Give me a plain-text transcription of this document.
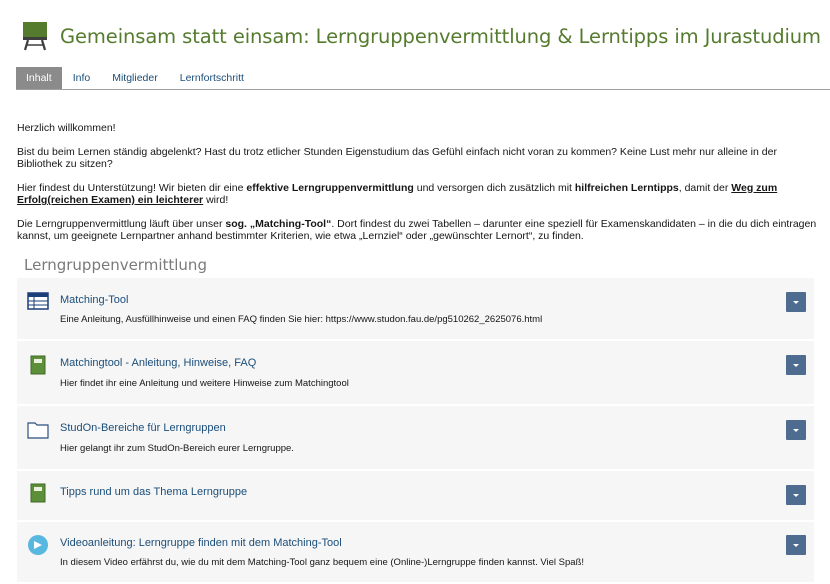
Gemeinsam statt einsam: Lerngruppenvermittlung & Lerntipps im Jurastudium
Inhalt	Info	Mitglieder	Lernfortschritt

Herzlich willkommen!

Bist du beim Lernen ständig abgelenkt? Hast du trotz etlicher Stunden Eigenstudium das Gefühl einfach nicht voran zu kommen? Keine Lust mehr nur alleine in der Bibliothek zu sitzen?

Hier findest du Unterstützung! Wir bieten dir eine effektive Lerngruppenvermittlung und versorgen dich zusätzlich mit hilfreichen Lerntipps, damit der Weg zum Erfolg(reichen Examen) ein leichterer wird!

Die Lerngruppenvermittlung läuft über unser sog. „Matching-Tool“. Dort findest du zwei Tabellen – darunter eine speziell für Examenskandidaten – in die du dich eintragen kannst, um geeignete Lernpartner anhand bestimmter Kriterien, wie etwa „Lernziel“ oder „gewünschter Lernort“, zu finden.

Lerngruppenvermittlung
Matching-Tool
Eine Anleitung, Ausfüllhinweise und einen FAQ finden Sie hier: https://www.studon.fau.de/pg510262_2625076.html
Matchingtool - Anleitung, Hinweise, FAQ
Hier findet ihr eine Anleitung und weitere Hinweise zum Matchingtool
StudOn-Bereiche für Lerngruppen
Hier gelangt ihr zum StudOn-Bereich eurer Lerngruppe.
Tipps rund um das Thema Lerngruppe
Videoanleitung: Lerngruppe finden mit dem Matching-Tool
In diesem Video erfährst du, wie du mit dem Matching-Tool ganz bequem eine (Online-)Lerngruppe finden kannst. Viel Spaß!
